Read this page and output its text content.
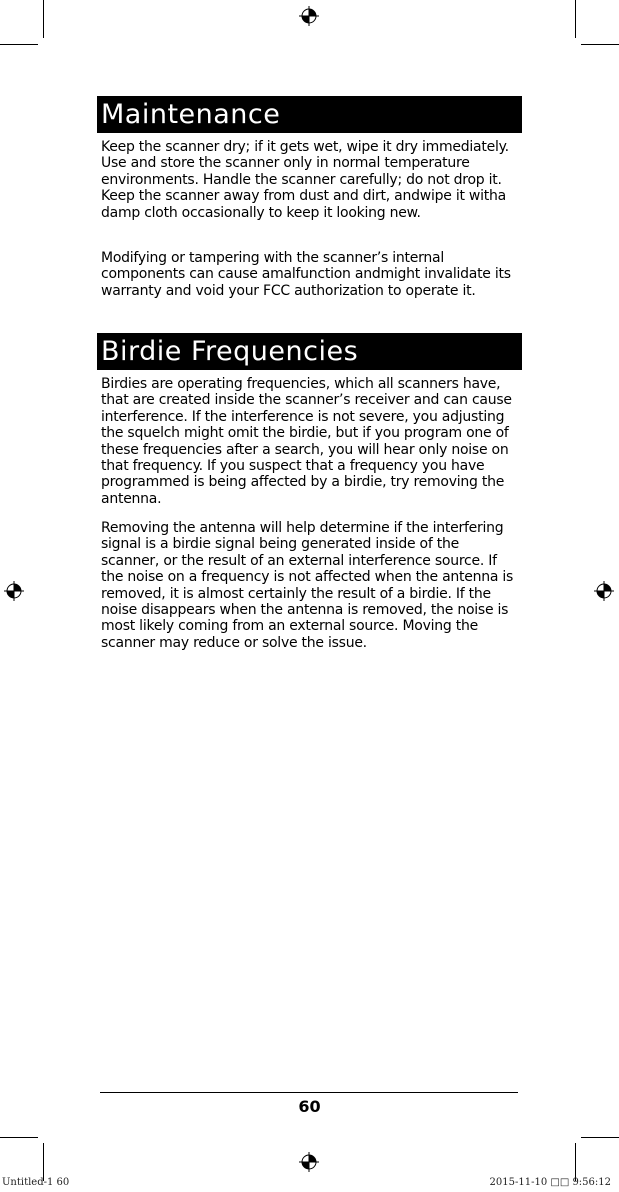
Maintenance

Keep the scanner dry; if it gets wet, wipe it dry immediately. Use and store the scanner only in normal temperature environments. Handle the scanner carefully; do not drop it. Keep the scanner away from dust and dirt, andwipe it witha damp cloth occasionally to keep it looking new.

Modifying or tampering with the scanner’s internal components can cause amalfunction andmight invalidate its warranty and void your FCC authorization to operate it.

Birdie Frequencies

Birdies are operating frequencies, which all scanners have, that are created inside the scanner’s receiver and can cause interference. If the interference is not severe, you adjusting the squelch might omit the birdie, but if you program one of these frequencies after a search, you will hear only noise on that frequency. If you suspect that a frequency you have programmed is being affected by a birdie, try removing the antenna.

Removing the antenna will help determine if the interfering signal is a birdie signal being generated inside of the scanner, or the result of an external interference source. If the noise on a frequency is not affected when the antenna is removed, it is almost certainly the result of a birdie. If the noise disappears when the antenna is removed, the noise is most likely coming from an external source. Moving the scanner may reduce or solve the issue.

60
Untitled-1 60	2015-11-10 □□ 9:56:12
